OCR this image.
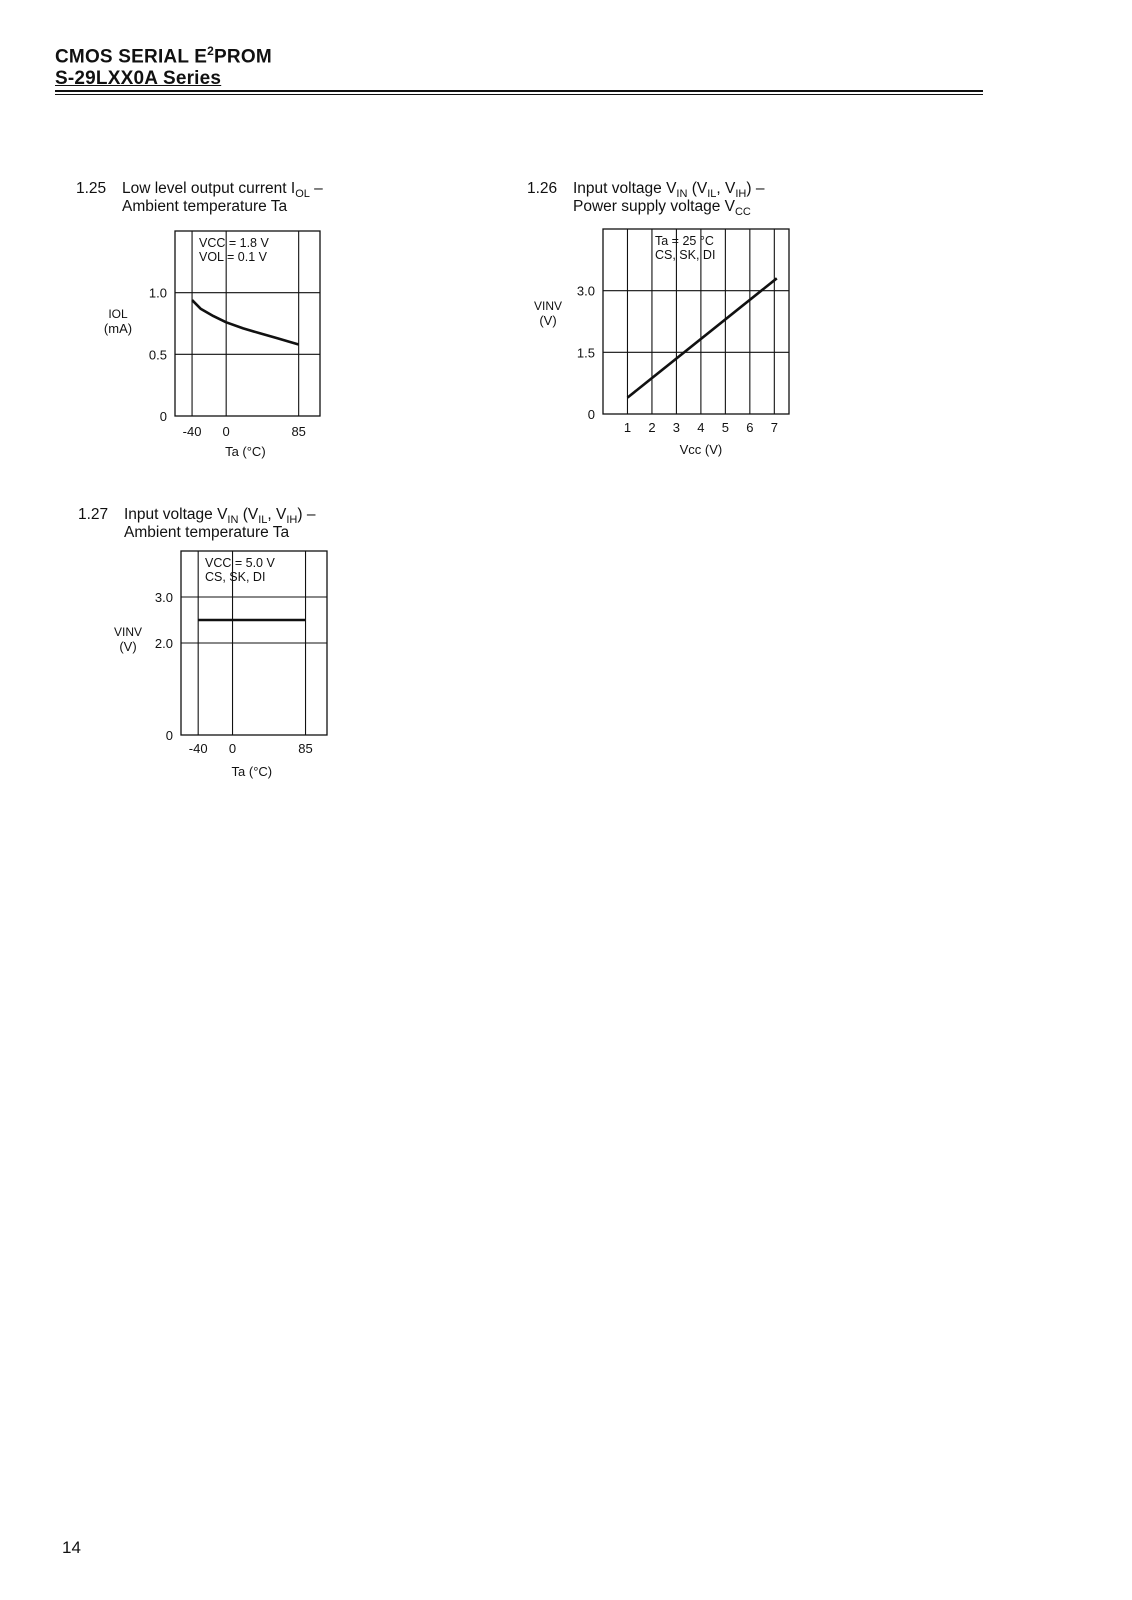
CMOS SERIAL $E^2PROM$
S-29LXX0A Series
1.25 Low level output current $I_{OL}$ –
Ambient temperature Ta
1.26 Input voltage $V_{IN}$ ($V_{IL}$, $V_{IH}$) –
Power supply voltage $V_{CC}$
1.27 Input voltage $V_{IN}$ ($V_{IL}$, $V_{IH}$) –
Ambient temperature Ta
0
0.5
1.0
-40 0	85
Ta (°C)
IOL
(mA)
VCC = 1.8 V
VOL = 0.1 V
0
1.5
3.0
1 2 3 4 5 6 7
Vcc (V)
VINV
(V)
Ta = 25 °C
CS, SK, DI
0
2.0
3.0
-40 0	85
Ta (°C)
VINV
(V)
VCC = 5.0 V
CS, SK, DI
14
